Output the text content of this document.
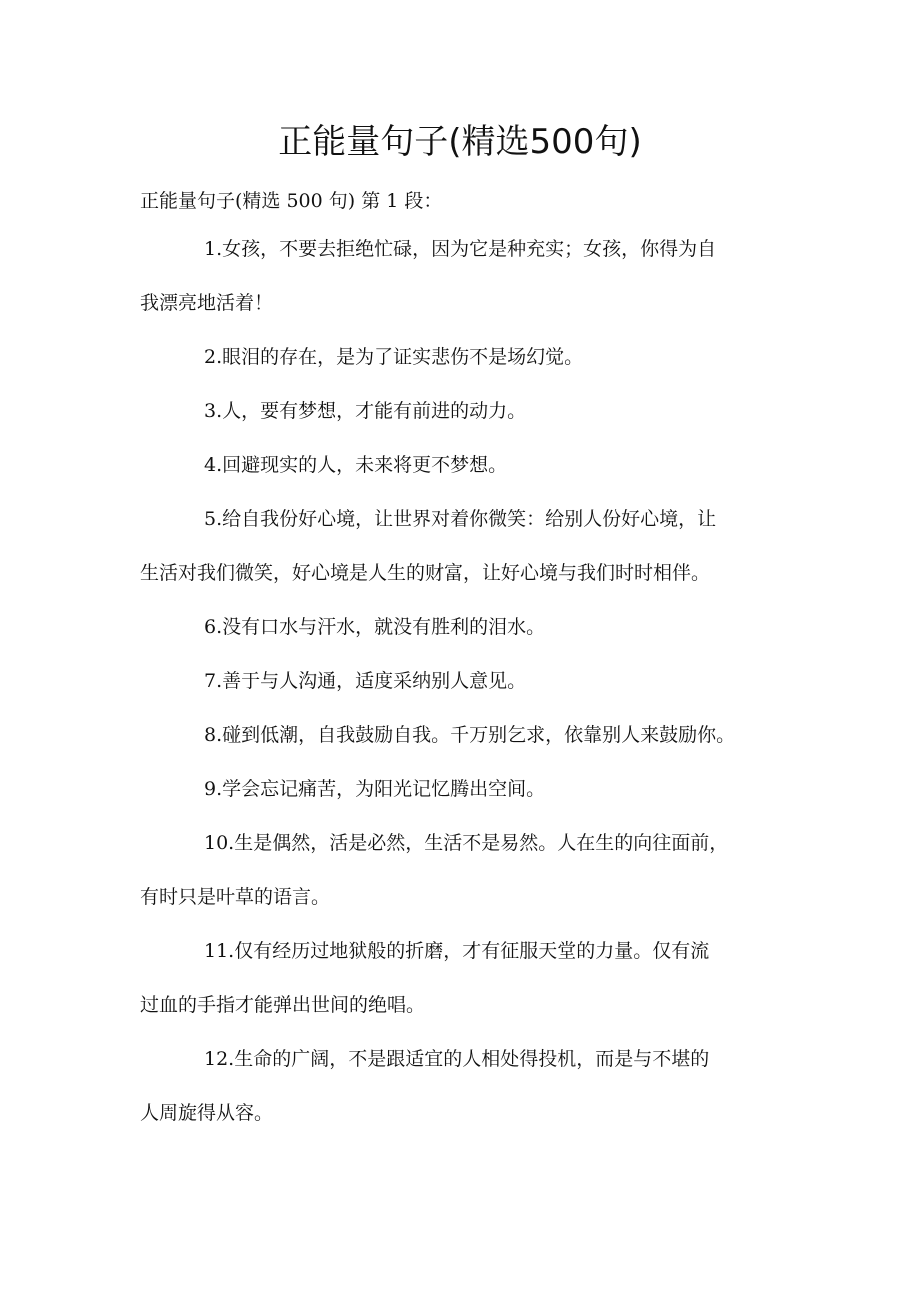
正能量句子(精选500句)
正能量句子(精选 500 句) 第 1 段：
1.女孩，不要去拒绝忙碌，因为它是种充实；女孩，你得为自
我漂亮地活着！
2.眼泪的存在，是为了证实悲伤不是场幻觉。
3.人，要有梦想，才能有前进的动力。
4.回避现实的人，未来将更不梦想。
5.给自我份好心境，让世界对着你微笑：给别人份好心境，让
生活对我们微笑，好心境是人生的财富，让好心境与我们时时相伴。
6.没有口水与汗水，就没有胜利的泪水。
7.善于与人沟通，适度采纳别人意见。
8.碰到低潮，自我鼓励自我。千万别乞求，依靠别人来鼓励你。
9.学会忘记痛苦，为阳光记忆腾出空间。
10.生是偶然，活是必然，生活不是易然。人在生的向往面前，
有时只是叶草的语言。
11.仅有经历过地狱般的折磨，才有征服天堂的力量。仅有流
过血的手指才能弹出世间的绝唱。
12.生命的广阔，不是跟适宜的人相处得投机，而是与不堪的
人周旋得从容。
